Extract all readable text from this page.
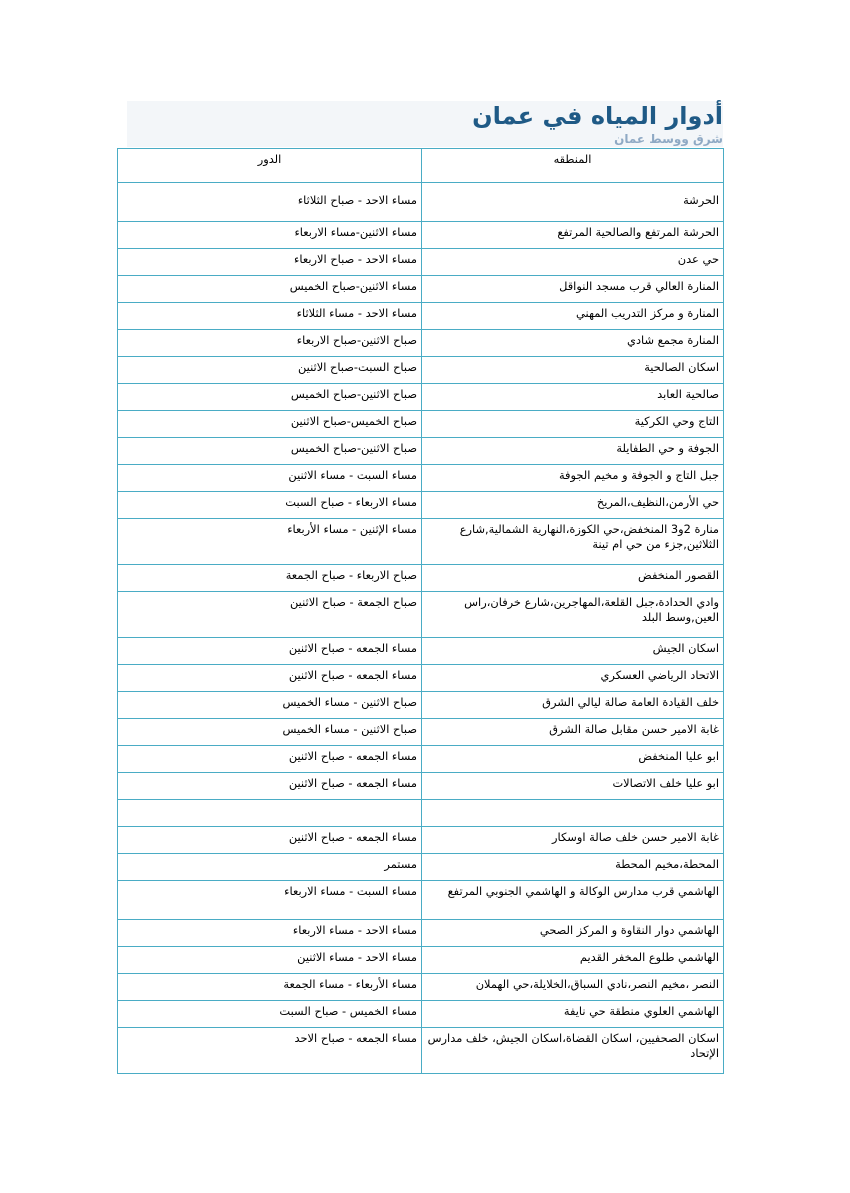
أدوار المياه في عمان
شرق ووسط عمان
المنطقه	الدور
الحرشة	مساء الاحد - صباح الثلاثاء
الحرشة المرتفع والصالحية المرتفع	مساء الاثنين-مساء الاربعاء
حي عدن	مساء الاحد - صباح الاربعاء
المنارة العالي قرب مسجد النواقل	مساء الاثنين-صباح الخميس
المنارة و مركز التدريب المهني	مساء الاحد - مساء الثلاثاء
المنارة مجمع شادي	صباح الاثنين-صباح الاربعاء
اسكان الصالحية	صباح السبت-صباح الاثنين
صالحية العابد	صباح الاثنين-صباح الخميس
التاج وحي الكركية	صباح الخميس-صباح الاثنين
الجوفة و حي الطفايلة	صباح الاثنين-صباح الخميس
جبل التاج و الجوفة و مخيم الجوفة	مساء السبت - مساء الاثنين
حي الأرمن،النظيف،المريخ	مساء الاربعاء - صباح السبت
منارة 2و3 المنخفض،حي الكوزة،النهارية الشمالية,شارع الثلاثين,جزء من حي ام تينة	مساء الإثنين - مساء الأربعاء
القصور المنخفض	صباح الاربعاء - صباح الجمعة
وادي الحدادة،جبل القلعة،المهاجرين،شارع خرفان،راس العين,وسط البلد	صباح الجمعة - صباح الاثنين
اسكان الجيش	مساء الجمعه - صباح الاثنين
الاتحاد الرياضي العسكري	مساء الجمعه - صباح الاثنين
خلف القيادة العامة صالة ليالي الشرق	صباح الاثنين - مساء الخميس
غابة الامير حسن مقابل صالة الشرق	صباح الاثنين - مساء الخميس
ابو عليا المنخفض	مساء الجمعه - صباح الاثنين
ابو عليا خلف الاتصالات	مساء الجمعه - صباح الاثنين

غابة الامير حسن خلف صالة اوسكار	مساء الجمعه - صباح الاثنين
المحطة،مخيم المحطة	مستمر
الهاشمي قرب مدارس الوكالة و الهاشمي الجنوبي المرتفع	مساء السبت - مساء الاربعاء
الهاشمي دوار النقاوة و المركز الصحي	مساء الاحد - مساء الاربعاء
الهاشمي طلوع المخفر القديم	مساء الاحد - مساء الاثنين
النصر ،مخيم النصر،نادي السباق،الخلايلة،حي الهملان	مساء الأربعاء - مساء الجمعة
الهاشمي العلوي منطقة حي نايفة	مساء الخميس - صباح السبت
اسكان الصحفيين، اسكان القضاة،اسكان الجيش، خلف مدارس الإتحاد	مساء الجمعه - صباح الاحد
